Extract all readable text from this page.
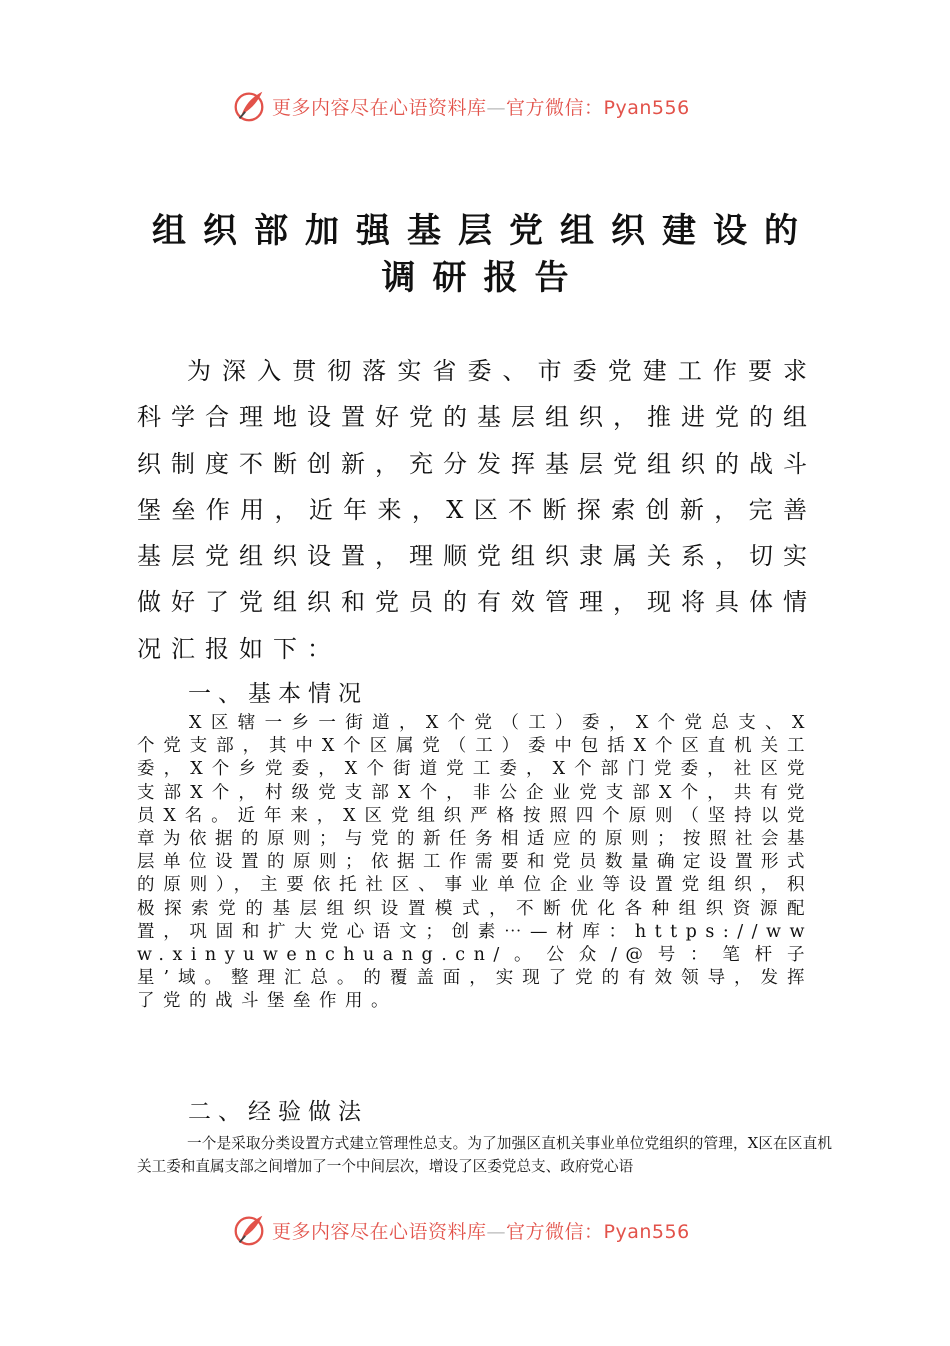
更多内容尽在心语资料库—官方微信：Pyan556
组织部加强基层党组织建设的
调研报告
为深入贯彻落实省委、市委党建工作要求科学合理地设置好党的基层组织，推进党的组织制度不断创新，充分发挥基层党组织的战斗堡垒作用，近年来，X区不断探索创新，完善基层党组织设置，理顺党组织隶属关系，切实做好了党组织和党员的有效管理，现将具体情况汇报如下：
一、基本情况
X区辖一乡一街道，X个党（工）委，X个党总支、X个党支部，其中X个区属党（工）委中包括X个区直机关工委，X个乡党委，X个街道党工委，X个部门党委，社区党支部X个，村级党支部X个，非公企业党支部X个，共有党员X名。近年来，X区党组织严格按照四个原则（坚持以党章为依据的原则；与党的新任务相适应的原则；按照社会基层单位设置的原则；依据工作需要和党员数量确定设置形式的原则），主要依托社区、事业单位企业等设置党组织，积极探索党的基层组织设置模式，不断优化各种组织资源配置，巩固和扩大党心语文；创素⋯—材库：https://www.xinyuwenchuang.cn/。公众/@号：笔杆子星’域。整理汇总。的覆盖面，实现了党的有效领导，发挥了党的战斗堡垒作用。
二、经验做法
一个是采取分类设置方式建立管理性总支。为了加强区直机关事业单位党组织的管理，X区在区直机关工委和直属支部之间增加了一个中间层次，增设了区委党总支、政府党心语
更多内容尽在心语资料库—官方微信：Pyan556
